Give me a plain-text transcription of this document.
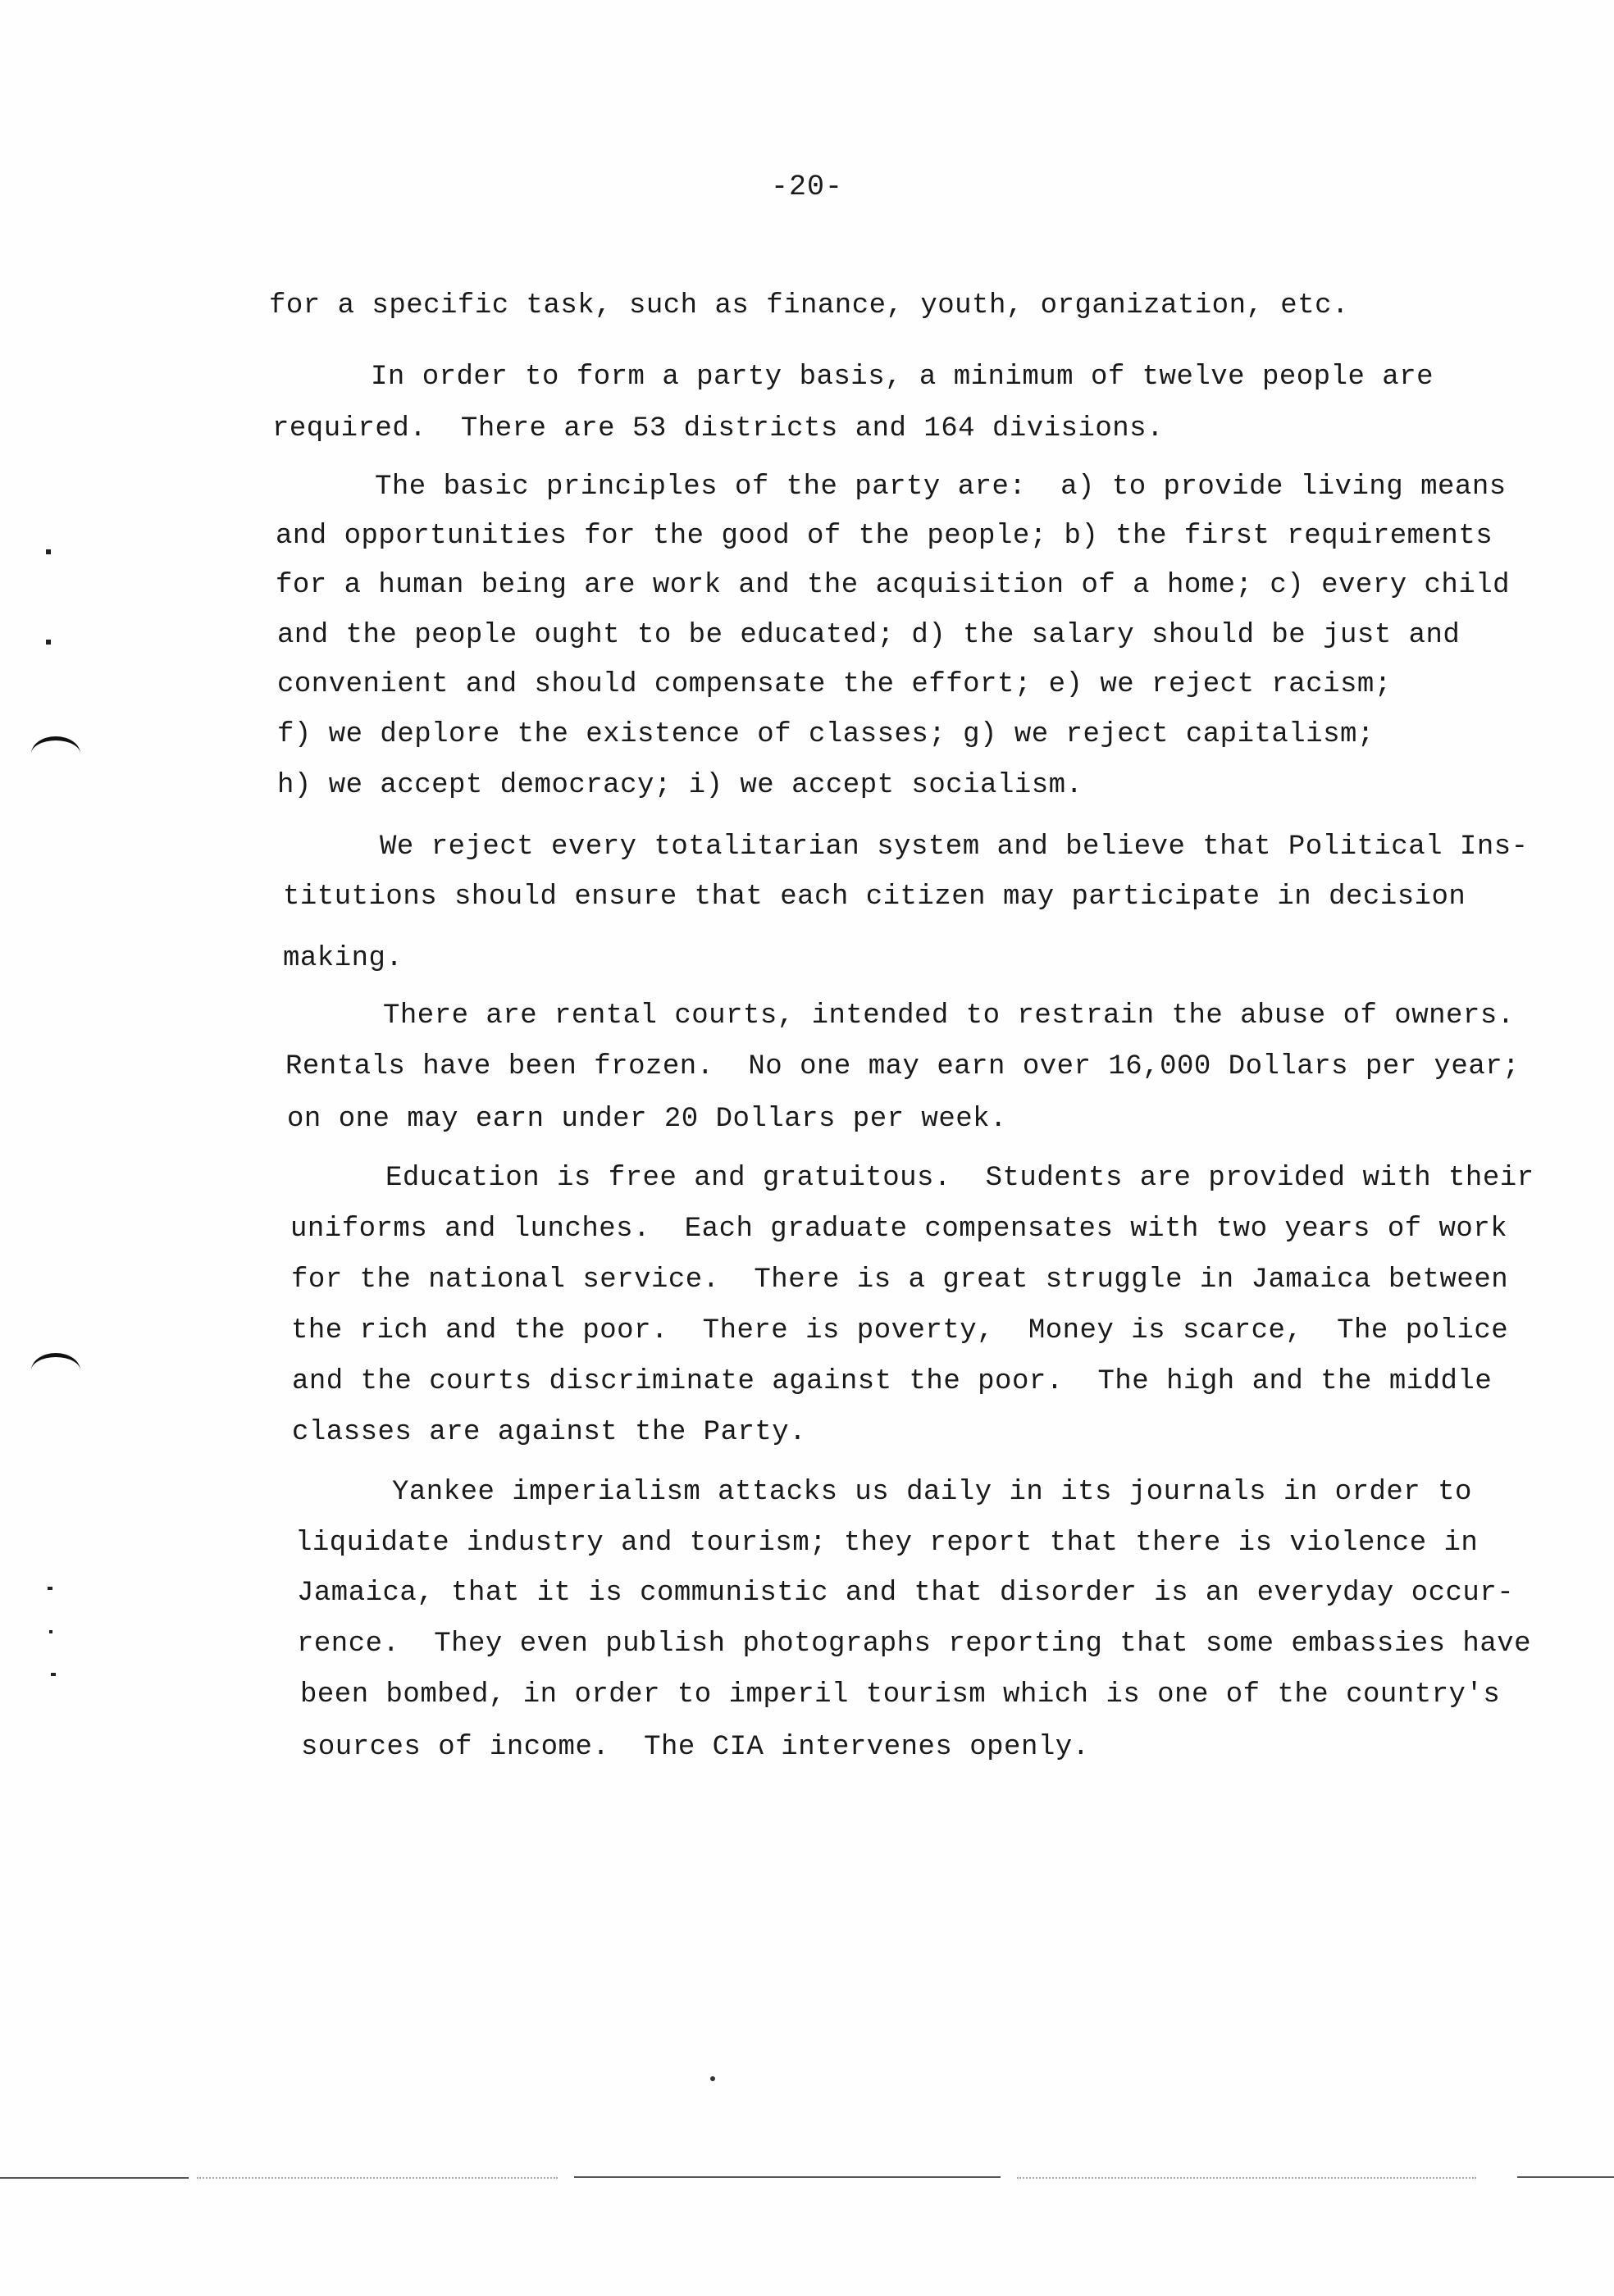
-20-
for a specific task, such as finance, youth, organization, etc.
In order to form a party basis, a minimum of twelve people are
required.  There are 53 districts and 164 divisions.
The basic principles of the party are:  a) to provide living means
and opportunities for the good of the people; b) the first requirements
for a human being are work and the acquisition of a home; c) every child
and the people ought to be educated; d) the salary should be just and
convenient and should compensate the effort; e) we reject racism;
f) we deplore the existence of classes; g) we reject capitalism;
h) we accept democracy; i) we accept socialism.
We reject every totalitarian system and believe that Political Ins-
titutions should ensure that each citizen may participate in decision
making.
There are rental courts, intended to restrain the abuse of owners.
Rentals have been frozen.  No one may earn over 16,000 Dollars per year;
on one may earn under 20 Dollars per week.
Education is free and gratuitous.  Students are provided with their
uniforms and lunches.  Each graduate compensates with two years of work
for the national service.  There is a great struggle in Jamaica between
the rich and the poor.  There is poverty,  Money is scarce,  The police
and the courts discriminate against the poor.  The high and the middle
classes are against the Party.
Yankee imperialism attacks us daily in its journals in order to
liquidate industry and tourism; they report that there is violence in
Jamaica, that it is communistic and that disorder is an everyday occur-
rence.  They even publish photographs reporting that some embassies have
been bombed, in order to imperil tourism which is one of the country's
sources of income.  The CIA intervenes openly.
